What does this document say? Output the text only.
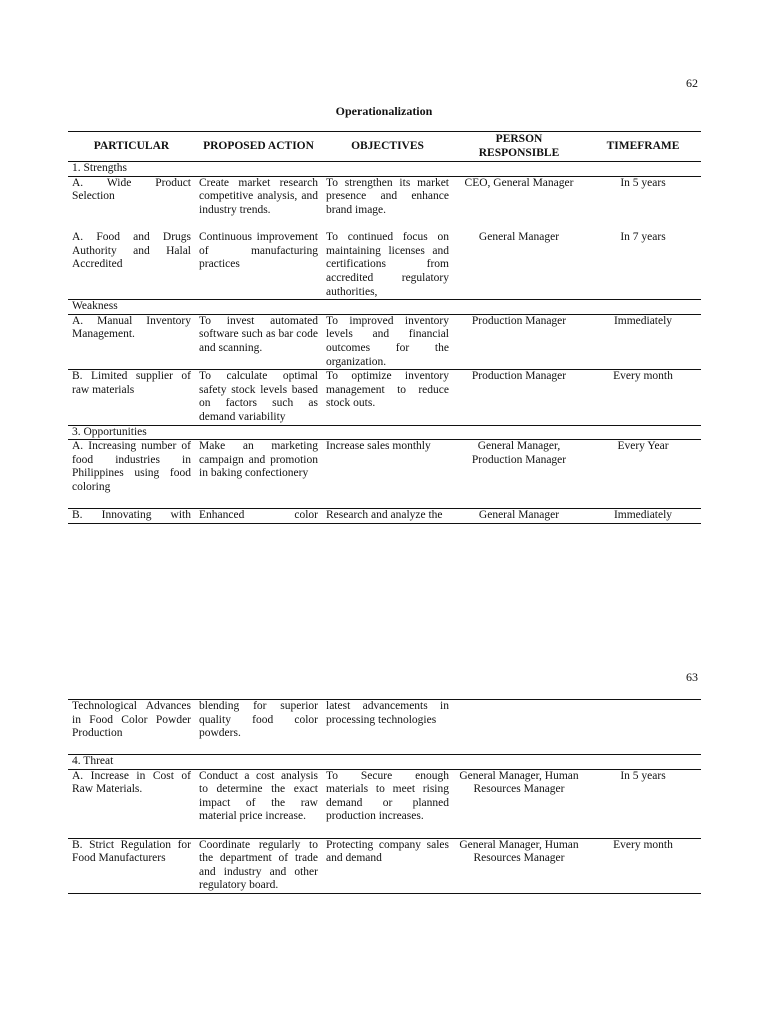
62
Operationalization
PARTICULAR	PROPOSED ACTION	OBJECTIVES	PERSON RESPONSIBLE	TIMEFRAME
1. Strengths				
A. Wide Product Selection	Create market research competitive analysis, and industry trends.	To strengthen its market presence and enhance brand image.	CEO, General Manager	In 5 years
A. Food and Drugs Authority and Halal Accredited	Continuous improvement of manufacturing practices	To continued focus on maintaining licenses and certifications from accredited regulatory authorities,	General Manager	In 7 years
Weakness				
A. Manual Inventory Management.	To invest automated software such as bar code and scanning.	To improved inventory levels and financial outcomes for the organization.	Production Manager	Immediately
B. Limited supplier of raw materials	To calculate optimal safety stock levels based on factors such as demand variability	To optimize inventory management to reduce stock outs.	Production Manager	Every month
3. Opportunities				
A. Increasing number of food industries in Philippines using food coloring	Make an marketing campaign and promotion in baking confectionery	Increase sales monthly	General Manager, Production Manager	Every Year
B. Innovating with	Enhanced color	Research and analyze the	General Manager	Immediately
63
Technological Advances in Food Color Powder Production	blending for superior quality food color powders.	latest advancements in processing technologies		
4. Threat				
A. Increase in Cost of Raw Materials.	Conduct a cost analysis to determine the exact impact of the raw material price increase.	To Secure enough materials to meet rising demand or planned production increases.	General Manager, Human Resources Manager	In 5 years
B. Strict Regulation for Food Manufacturers	Coordinate regularly to the department of trade and industry and other regulatory board.	Protecting company sales and demand	General Manager, Human Resources Manager	Every month
